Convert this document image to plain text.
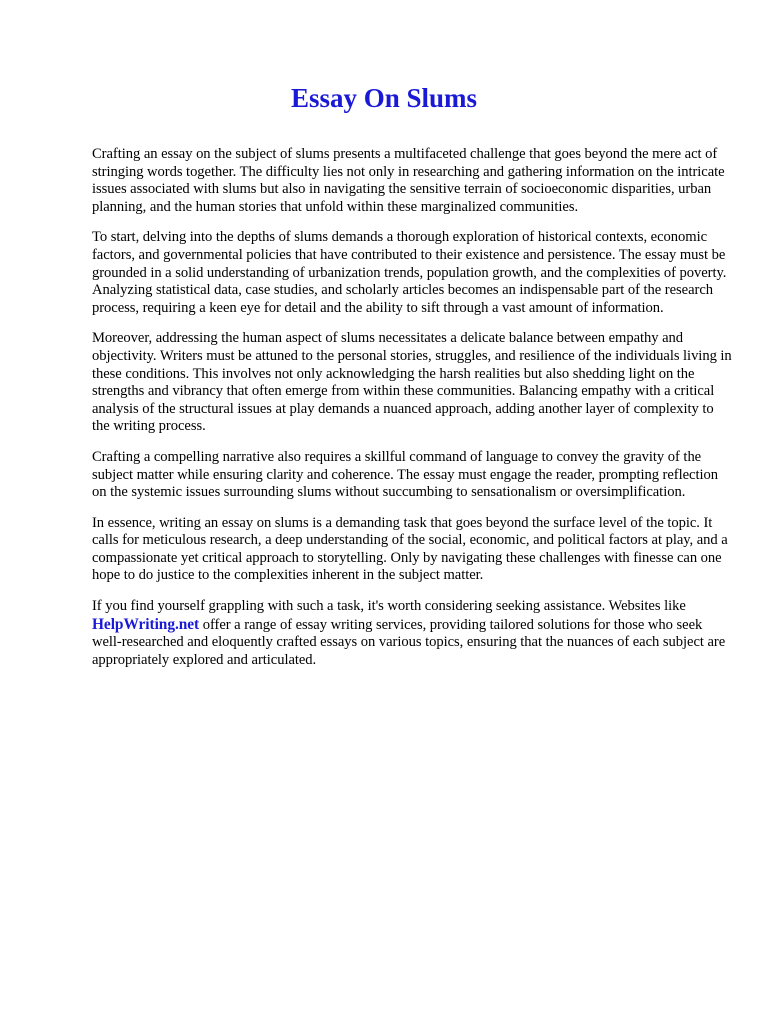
Essay On Slums

Crafting an essay on the subject of slums presents a multifaceted challenge that goes beyond the mere act of stringing words together. The difficulty lies not only in researching and gathering information on the intricate issues associated with slums but also in navigating the sensitive terrain of socioeconomic disparities, urban planning, and the human stories that unfold within these marginalized communities.

To start, delving into the depths of slums demands a thorough exploration of historical contexts, economic factors, and governmental policies that have contributed to their existence and persistence. The essay must be grounded in a solid understanding of urbanization trends, population growth, and the complexities of poverty. Analyzing statistical data, case studies, and scholarly articles becomes an indispensable part of the research process, requiring a keen eye for detail and the ability to sift through a vast amount of information.

Moreover, addressing the human aspect of slums necessitates a delicate balance between empathy and objectivity. Writers must be attuned to the personal stories, struggles, and resilience of the individuals living in these conditions. This involves not only acknowledging the harsh realities but also shedding light on the strengths and vibrancy that often emerge from within these communities. Balancing empathy with a critical analysis of the structural issues at play demands a nuanced approach, adding another layer of complexity to the writing process.

Crafting a compelling narrative also requires a skillful command of language to convey the gravity of the subject matter while ensuring clarity and coherence. The essay must engage the reader, prompting reflection on the systemic issues surrounding slums without succumbing to sensationalism or oversimplification.

In essence, writing an essay on slums is a demanding task that goes beyond the surface level of the topic. It calls for meticulous research, a deep understanding of the social, economic, and political factors at play, and a compassionate yet critical approach to storytelling. Only by navigating these challenges with finesse can one hope to do justice to the complexities inherent in the subject matter.

If you find yourself grappling with such a task, it's worth considering seeking assistance. Websites like HelpWriting.net offer a range of essay writing services, providing tailored solutions for those who seek well-researched and eloquently crafted essays on various topics, ensuring that the nuances of each subject are appropriately explored and articulated.
